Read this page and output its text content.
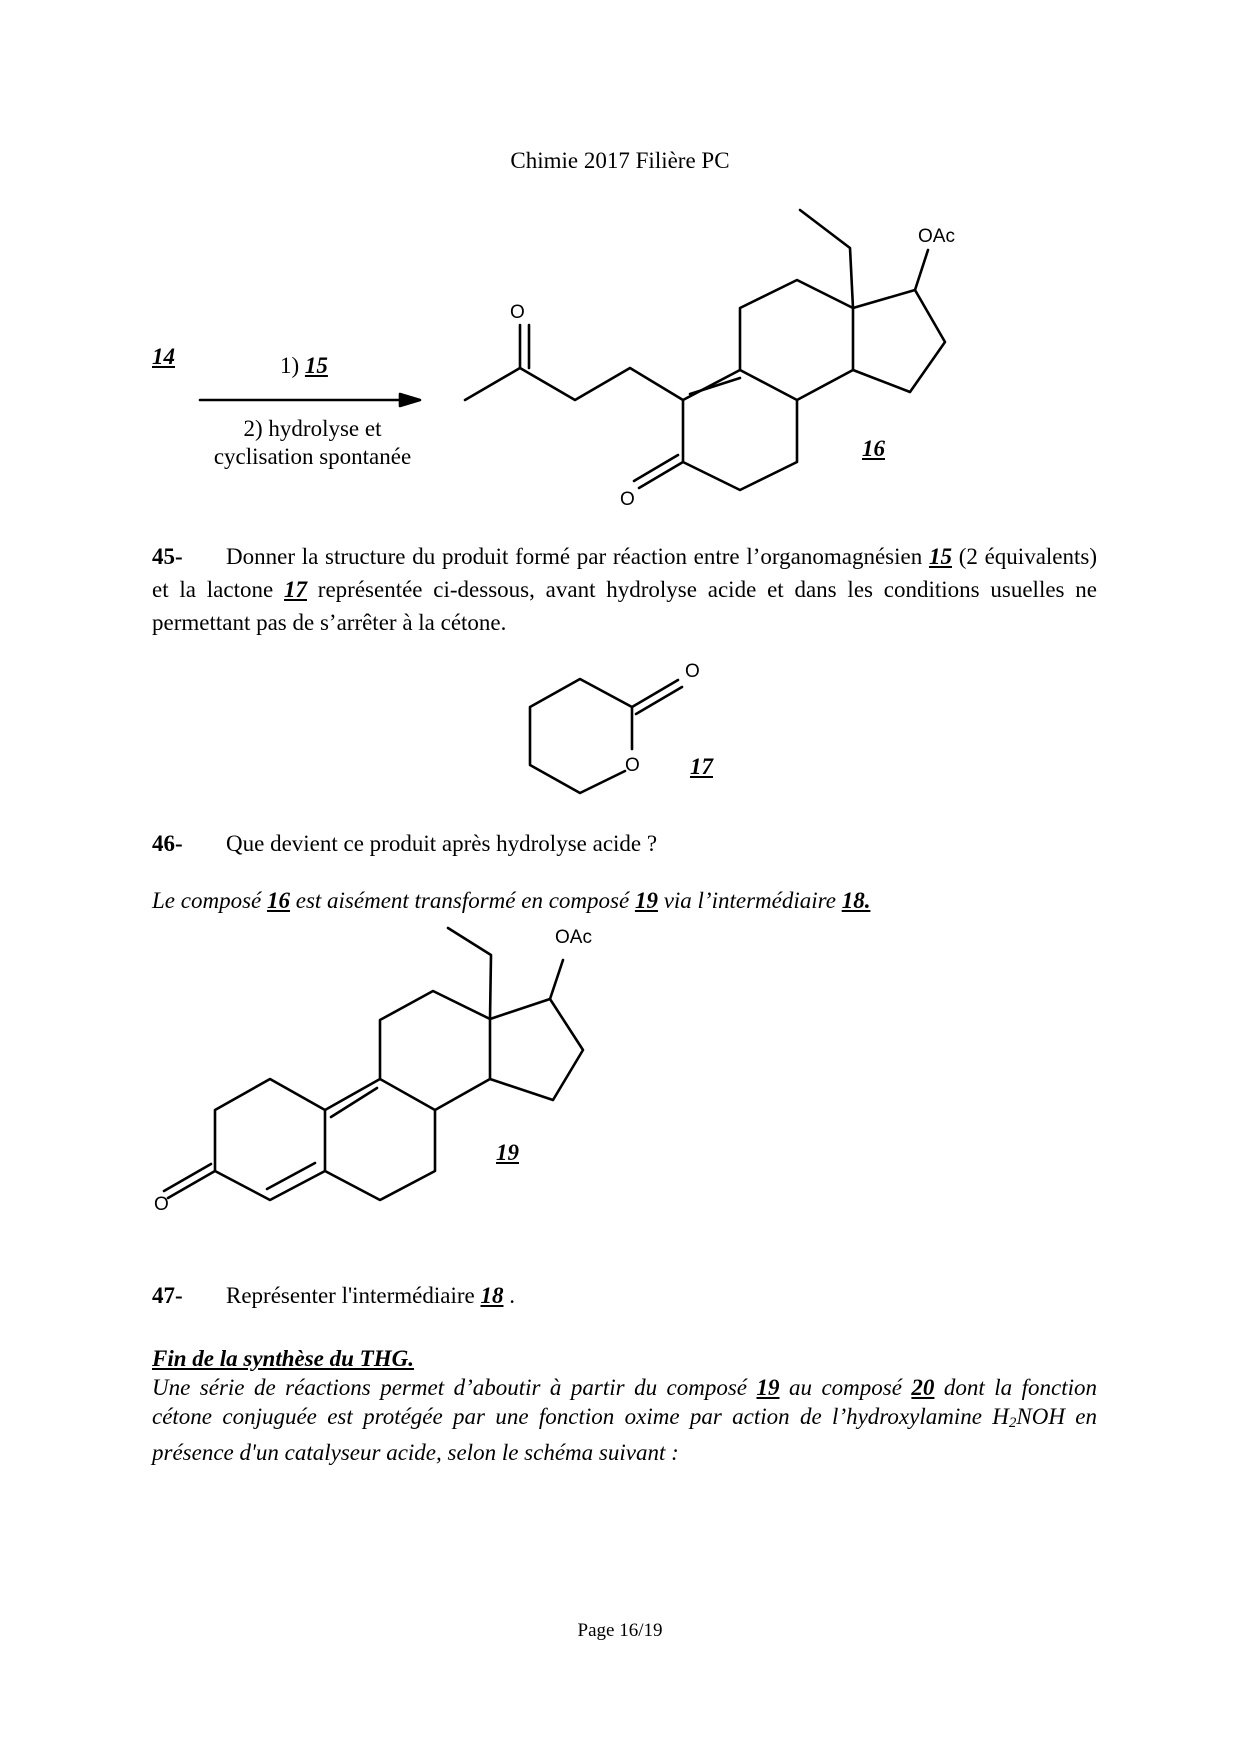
Chimie 2017 Filière PC
14	1) 15
2) hydrolyse et
cyclisation spontanée
O
O
OAc
O
O
O
OAc
16
17
19
45- Donner la structure du produit formé par réaction entre l’organomagnésien 15 (2 équivalents) et la lactone 17 représentée ci-dessous, avant hydrolyse acide et dans les conditions usuelles ne permettant pas de s’arrêter à la cétone.
46- Que devient ce produit après hydrolyse acide ?
Le composé 16 est aisément transformé en composé 19 via l’intermédiaire 18.
47- Représenter l'intermédiaire 18 .
Fin de la synthèse du THG.
Une série de réactions permet d’aboutir à partir du composé 19 au composé 20 dont la fonction cétone conjuguée est protégée par une fonction oxime par action de l’hydroxylamine $H_2NOH$ en présence d'un catalyseur acide, selon le schéma suivant :
Page 16/19
